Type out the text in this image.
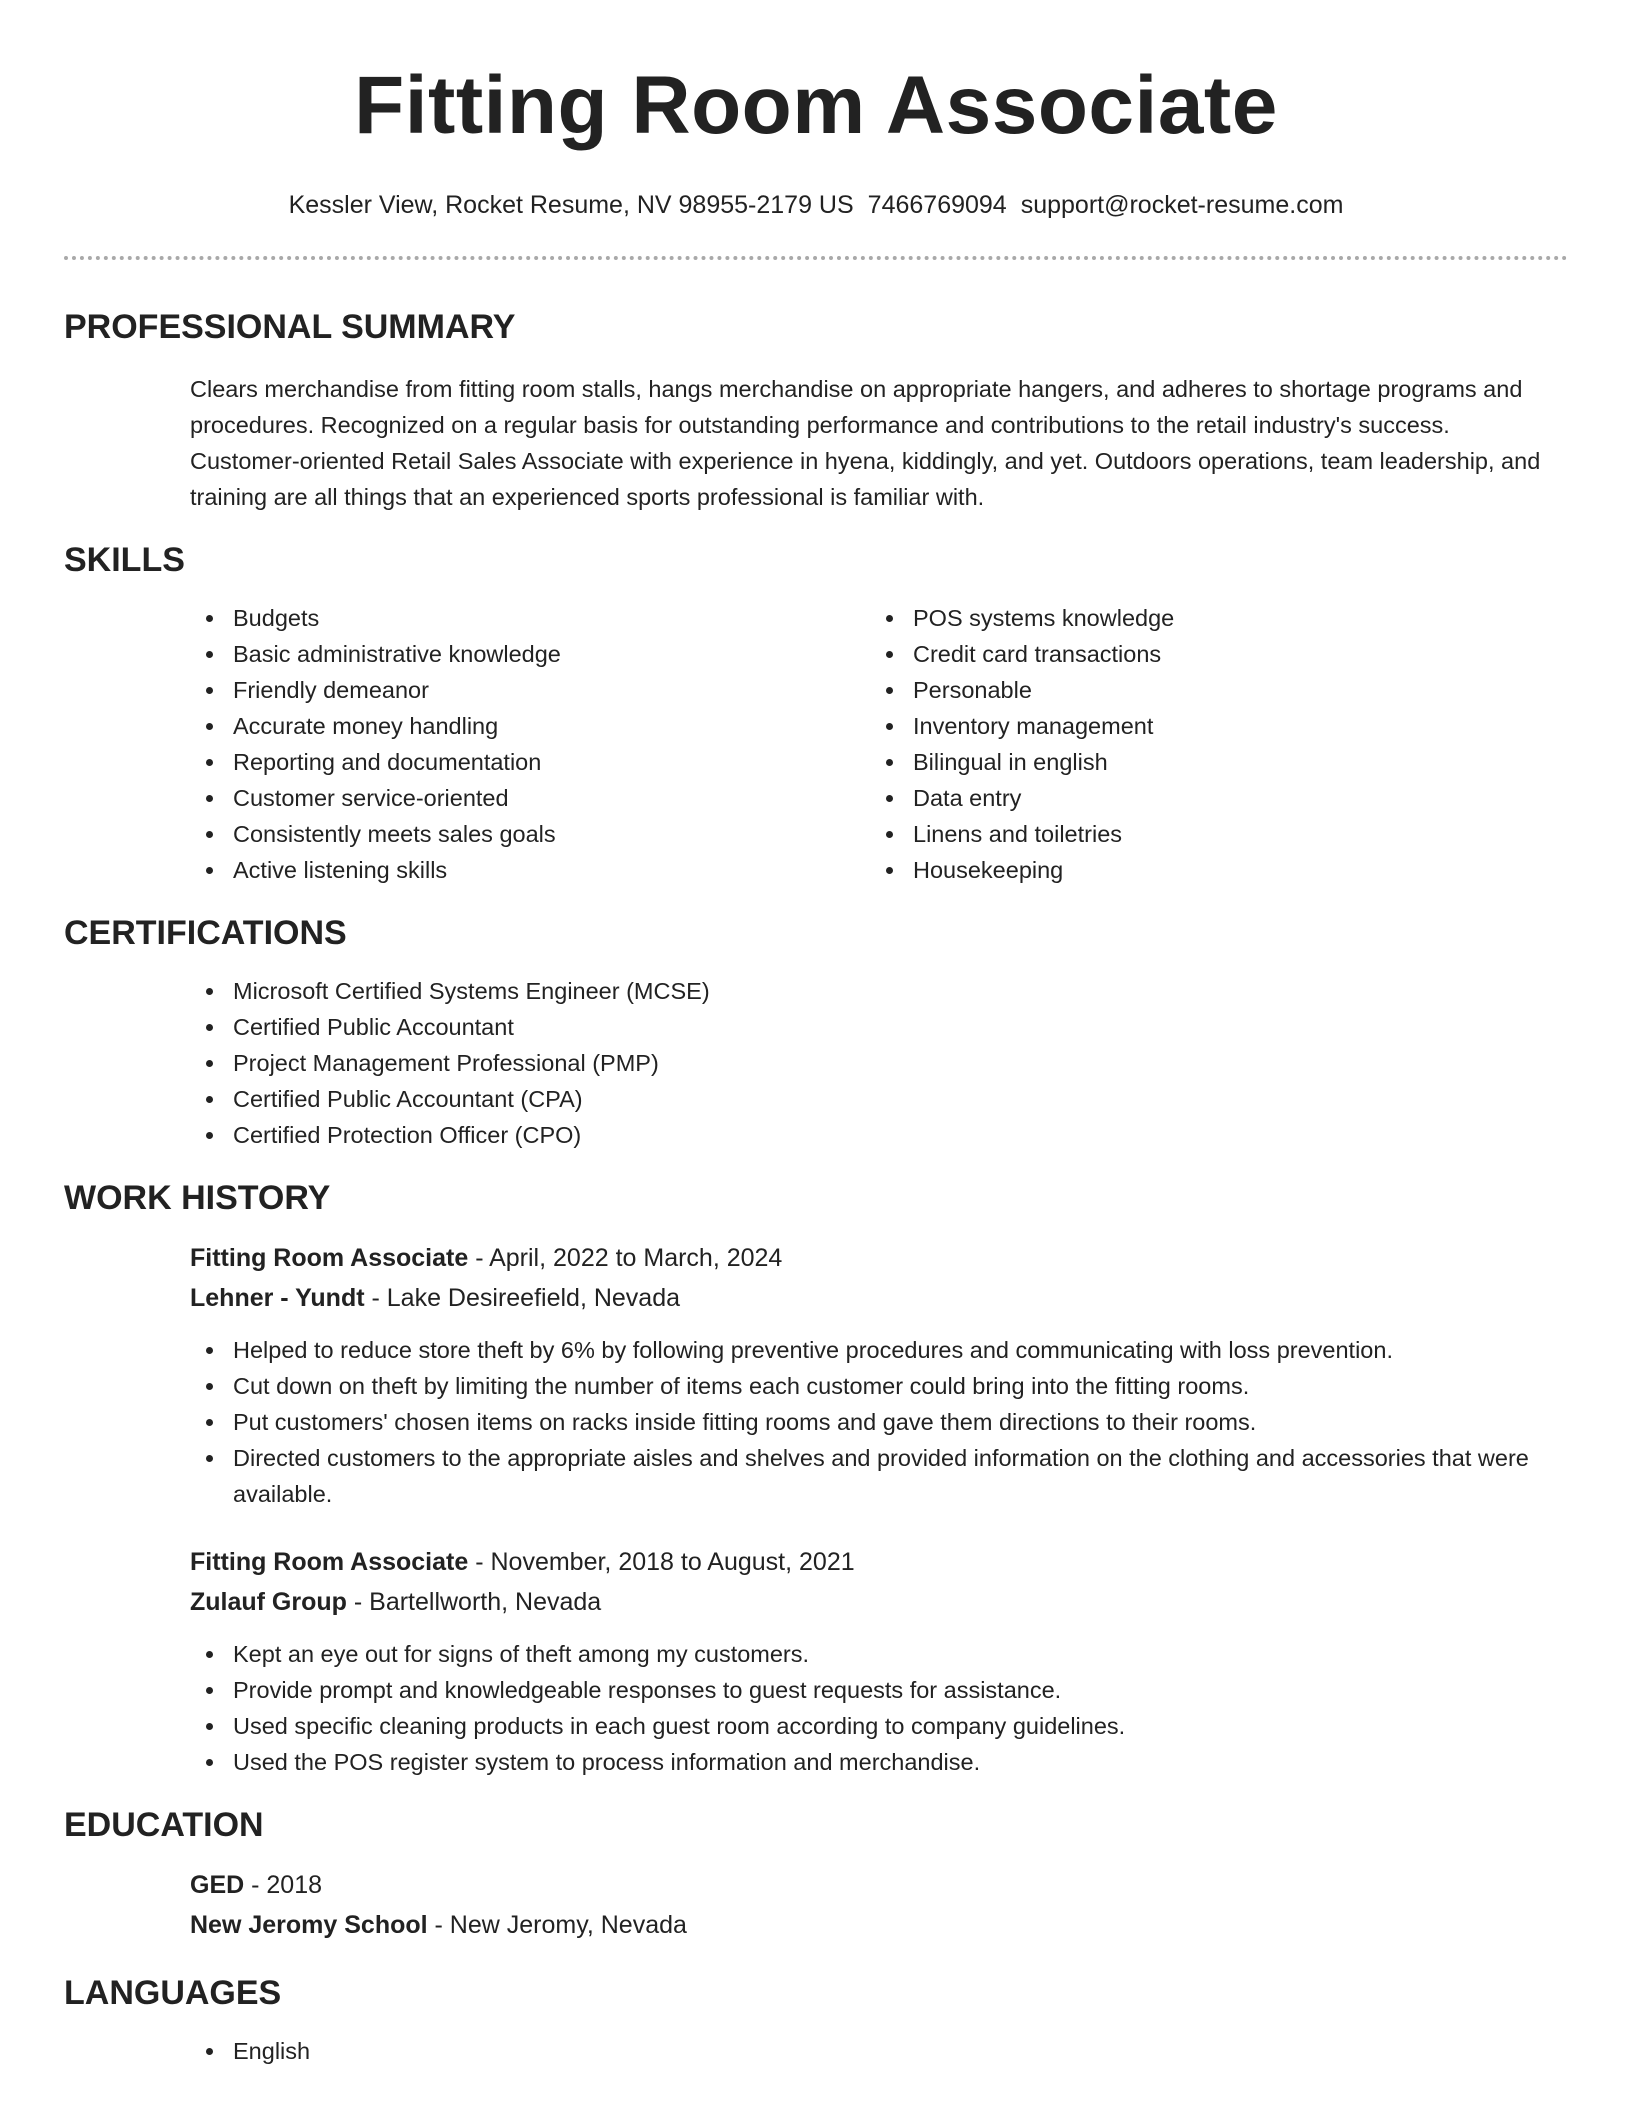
Fitting Room Associate
Kessler View, Rocket Resume, NV 98955-2179 US 7466769094 support@rocket-resume.com
PROFESSIONAL SUMMARY

Clears merchandise from fitting room stalls, hangs merchandise on appropriate hangers, and adheres to shortage programs and procedures. Recognized on a regular basis for outstanding performance and contributions to the retail industry's success. Customer-oriented Retail Sales Associate with experience in hyena, kiddingly, and yet. Outdoors operations, team leadership, and training are all things that an experienced sports professional is familiar with.

SKILLS
Budgets
Basic administrative knowledge
Friendly demeanor
Accurate money handling
Reporting and documentation
Customer service-oriented
Consistently meets sales goals
Active listening skills
POS systems knowledge
Credit card transactions
Personable
Inventory management
Bilingual in english
Data entry
Linens and toiletries
Housekeeping
CERTIFICATIONS
Microsoft Certified Systems Engineer (MCSE)
Certified Public Accountant
Project Management Professional (PMP)
Certified Public Accountant (CPA)
Certified Protection Officer (CPO)
WORK HISTORY
Fitting Room Associate - April, 2022 to March, 2024
Lehner - Yundt - Lake Desireefield, Nevada
Helped to reduce store theft by 6% by following preventive procedures and communicating with loss prevention.
Cut down on theft by limiting the number of items each customer could bring into the fitting rooms.
Put customers' chosen items on racks inside fitting rooms and gave them directions to their rooms.
Directed customers to the appropriate aisles and shelves and provided information on the clothing and accessories that were available.
Fitting Room Associate - November, 2018 to August, 2021
Zulauf Group - Bartellworth, Nevada
Kept an eye out for signs of theft among my customers.
Provide prompt and knowledgeable responses to guest requests for assistance.
Used specific cleaning products in each guest room according to company guidelines.
Used the POS register system to process information and merchandise.
EDUCATION
GED - 2018
New Jeromy School - New Jeromy, Nevada
LANGUAGES
English
